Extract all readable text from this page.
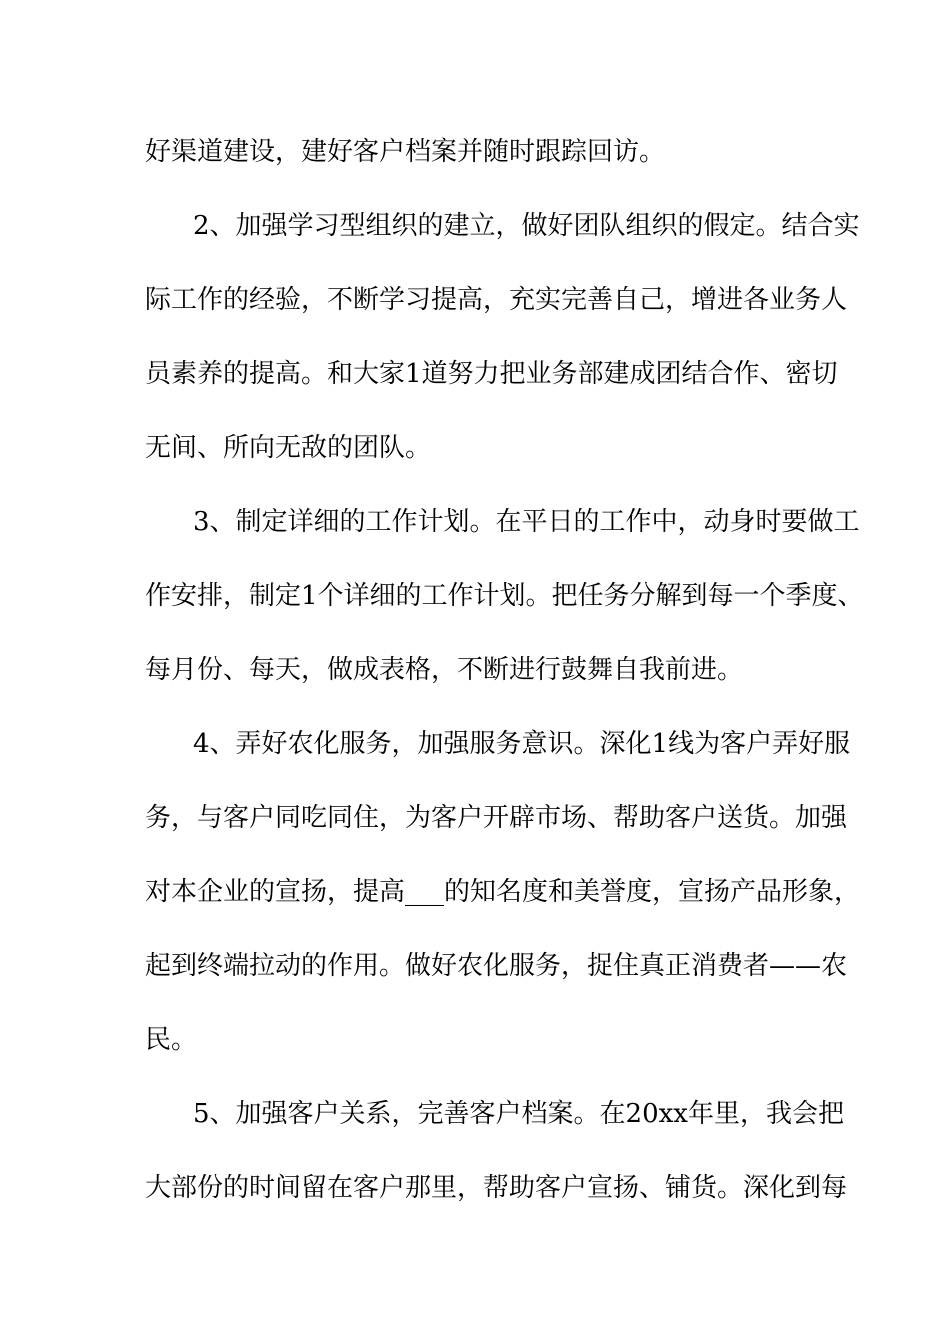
好渠道建设，建好客户档案并随时跟踪回访。
2、加强学习型组织的建立，做好团队组织的假定。结合实
际工作的经验，不断学习提高，充实完善自己，增进各业务人
员素养的提高。和大家1道努力把业务部建成团结合作、密切
无间、所向无敌的团队。
3、制定详细的工作计划。在平日的工作中，动身时要做工
作安排，制定1个详细的工作计划。把任务分解到每一个季度、
每月份、每天，做成表格，不断进行鼓舞自我前进。
4、弄好农化服务，加强服务意识。深化1线为客户弄好服
务，与客户同吃同住，为客户开辟市场、帮助客户送货。加强
对本企业的宣扬，提高___的知名度和美誉度，宣扬产品形象，
起到终端拉动的作用。做好农化服务，捉住真正消费者——农
民。
5、加强客户关系，完善客户档案。在20xx年里，我会把
大部份的时间留在客户那里，帮助客户宣扬、铺货。深化到每
